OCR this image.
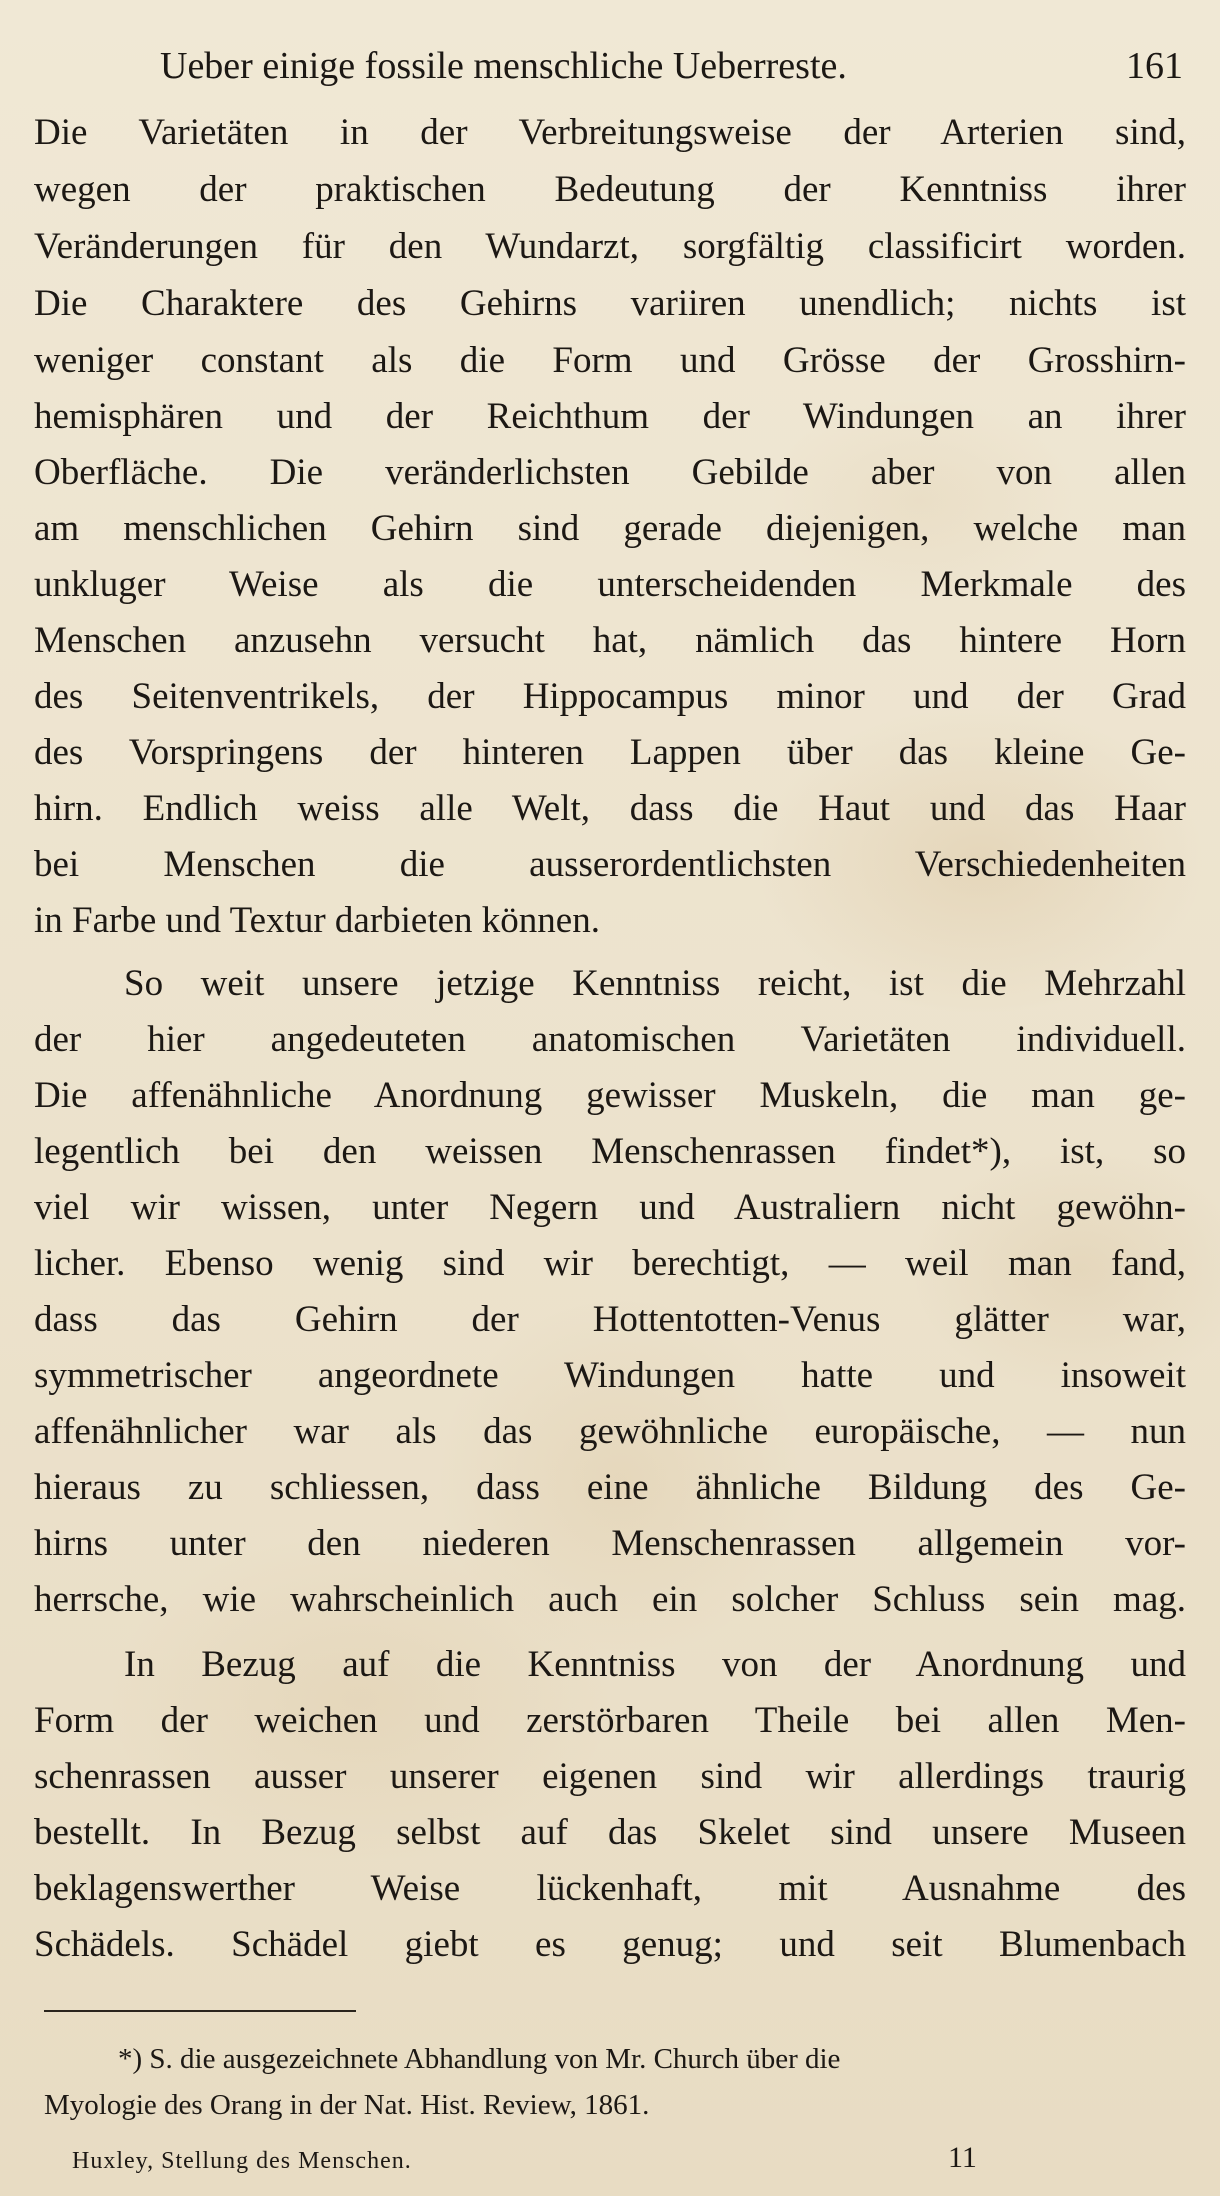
Ueber einige fossile menschliche Ueberreste.	161
Die Varietäten in der Verbreitungsweise der Arterien sind,
wegen der praktischen Bedeutung der Kenntniss ihrer
Veränderungen für den Wundarzt, sorgfältig classificirt worden.
Die Charaktere des Gehirns variiren unendlich; nichts ist
weniger constant als die Form und Grösse der Grosshirn-
hemisphären und der Reichthum der Windungen an ihrer
Oberfläche. Die veränderlichsten Gebilde aber von allen
am menschlichen Gehirn sind gerade diejenigen, welche man
unkluger Weise als die unterscheidenden Merkmale des
Menschen anzusehn versucht hat, nämlich das hintere Horn
des Seitenventrikels, der Hippocampus minor und der Grad
des Vorspringens der hinteren Lappen über das kleine Ge-
hirn. Endlich weiss alle Welt, dass die Haut und das Haar
bei Menschen die ausserordentlichsten Verschiedenheiten
in Farbe und Textur darbieten können.
So weit unsere jetzige Kenntniss reicht, ist die Mehrzahl
der hier angedeuteten anatomischen Varietäten individuell.
Die affenähnliche Anordnung gewisser Muskeln, die man ge-
legentlich bei den weissen Menschenrassen findet*), ist, so
viel wir wissen, unter Negern und Australiern nicht gewöhn-
licher. Ebenso wenig sind wir berechtigt, — weil man fand,
dass das Gehirn der Hottentotten-Venus glätter war,
symmetrischer angeordnete Windungen hatte und insoweit
affenähnlicher war als das gewöhnliche europäische, — nun
hieraus zu schliessen, dass eine ähnliche Bildung des Ge-
hirns unter den niederen Menschenrassen allgemein vor-
herrsche, wie wahrscheinlich auch ein solcher Schluss sein mag.
In Bezug auf die Kenntniss von der Anordnung und
Form der weichen und zerstörbaren Theile bei allen Men-
schenrassen ausser unserer eigenen sind wir allerdings traurig
bestellt. In Bezug selbst auf das Skelet sind unsere Museen
beklagenswerther Weise lückenhaft, mit Ausnahme des
Schädels. Schädel giebt es genug; und seit Blumenbach
*) S. die ausgezeichnete Abhandlung von Mr. Church über die
Myologie des Orang in der Nat. Hist. Review, 1861.
Huxley, Stellung des Menschen.	11
